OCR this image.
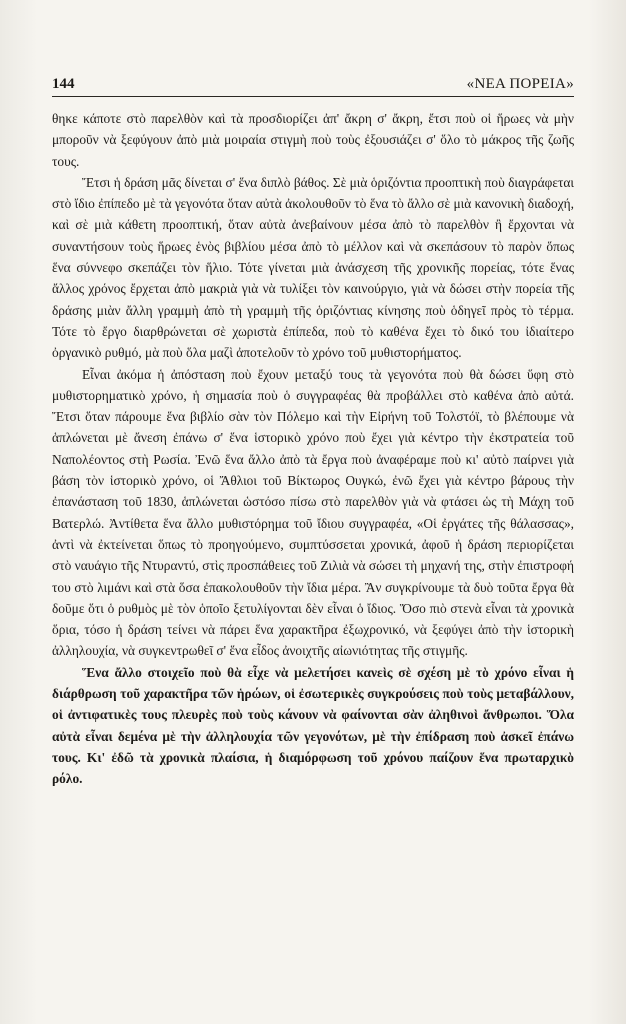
144	«ΝΕΑ ΠΟΡΕΙΑ»

θηκε κάποτε στὸ παρελθὸν καὶ τὰ προσδιορίζει ἀπ' ἄκρη σ' ἄκρη, ἔτσι ποὺ οἱ ἥρωες νὰ μὴν μποροῦν νὰ ξεφύγουν ἀπὸ μιὰ μοιραία στιγμὴ ποὺ τοὺς ἐξουσιάζει σ' ὅλο τὸ μάκρος τῆς ζωῆς τους.

Ἔτσι ἡ δράση μᾶς δίνεται σ' ἕνα διπλὸ βάθος. Σὲ μιὰ ὁριζόντια προοπτικὴ ποὺ διαγράφεται στὸ ἴδιο ἐπίπεδο μὲ τὰ γεγονότα ὅταν αὐτὰ ἀκολουθοῦν τὸ ἕνα τὸ ἄλλο σὲ μιὰ κανονικὴ διαδοχή, καὶ σὲ μιὰ κάθετη προοπτική, ὅταν αὐτὰ ἀνεβαίνουν μέσα ἀπὸ τὸ παρελθὸν ἢ ἔρχονται νὰ συναντήσουν τοὺς ἥρωες ἑνὸς βιβλίου μέσα ἀπὸ τὸ μέλλον καὶ νὰ σκεπάσουν τὸ παρὸν ὅπως ἕνα σύννεφο σκεπάζει τὸν ἥλιο. Τότε γίνεται μιὰ ἀνάσχεση τῆς χρονικῆς πορείας, τότε ἕνας ἄλλος χρόνος ἔρχεται ἀπὸ μακριὰ γιὰ νὰ τυλίξει τὸν καινούργιο, γιὰ νὰ δώσει στὴν πορεία τῆς δράσης μιὰν ἄλλη γραμμὴ ἀπὸ τὴ γραμμὴ τῆς ὁριζόντιας κίνησης ποὺ ὁδηγεῖ πρὸς τὸ τέρμα. Τότε τὸ ἔργο διαρθρώνεται σὲ χωριστὰ ἐπίπεδα, ποὺ τὸ καθένα ἔχει τὸ δικό του ἰδιαίτερο ὀργανικὸ ρυθμό, μὰ ποὺ ὅλα μαζὶ ἀποτελοῦν τὸ χρόνο τοῦ μυθιστορήματος.

Εἶναι ἀκόμα ἡ ἀπόσταση ποὺ ἔχουν μεταξύ τους τὰ γεγονότα ποὺ θὰ δώσει ὕφη στὸ μυθιστορηματικὸ χρόνο, ἡ σημασία ποὺ ὁ συγγραφέας θὰ προβάλλει στὸ καθένα ἀπὸ αὐτά. Ἔτσι ὅταν πάρουμε ἕνα βιβλίο σὰν τὸν Πόλεμο καὶ τὴν Εἰρήνη τοῦ Τολστόϊ, τὸ βλέπουμε νὰ ἁπλώνεται μὲ ἄνεση ἐπάνω σ' ἕνα ἱστορικὸ χρόνο ποὺ ἔχει γιὰ κέντρο τὴν ἐκστρατεία τοῦ Ναπολέοντος στὴ Ρωσία. Ἐνῶ ἕνα ἄλλο ἀπὸ τὰ ἔργα ποὺ ἀναφέραμε ποὺ κι' αὐτὸ παίρνει γιὰ βάση τὸν ἱστορικὸ χρόνο, οἱ Ἄθλιοι τοῦ Βίκτωρος Ουγκώ, ἐνῶ ἔχει γιὰ κέντρο βάρους τὴν ἐπανάσταση τοῦ 1830, ἁπλώνεται ὡστόσο πίσω στὸ παρελθὸν γιὰ νὰ φτάσει ὡς τὴ Μάχη τοῦ Βατερλώ. Ἀντίθετα ἕνα ἄλλο μυθιστόρημα τοῦ ἴδιου συγγραφέα, «Οἱ ἐργάτες τῆς θάλασσας», ἀντὶ νὰ ἐκτείνεται ὅπως τὸ προηγούμενο, συμπτύσσεται χρονικά, ἀφοῦ ἡ δράση περιορίζεται στὸ ναυάγιο τῆς Ντυραντύ, στὶς προσπάθειες τοῦ Ζιλιὰ νὰ σώσει τὴ μηχανή της, στὴν ἐπιστροφή του στὸ λιμάνι καὶ στὰ ὅσα ἐπακολουθοῦν τὴν ἴδια μέρα. Ἂν συγκρίνουμε τὰ δυὸ τοῦτα ἔργα θὰ δοῦμε ὅτι ὁ ρυθμὸς μὲ τὸν ὁποῖο ξετυλίγονται δὲν εἶναι ὁ ἴδιος. Ὅσο πιὸ στενὰ εἶναι τὰ χρονικὰ ὅρια, τόσο ἡ δράση τείνει νὰ πάρει ἕνα χαρακτῆρα ἐξωχρονικό, νὰ ξεφύγει ἀπὸ τὴν ἱστορικὴ ἀλληλουχία, νὰ συγκεντρωθεῖ σ' ἕνα εἶδος ἀνοιχτῆς αἰωνιότητας τῆς στιγμῆς.

Ἕνα ἄλλο στοιχεῖο ποὺ θὰ εἶχε νὰ μελετήσει κανεὶς σὲ σχέση μὲ τὸ χρόνο εἶναι ἡ διάρθρωση τοῦ χαρακτῆρα τῶν ἡρώων, οἱ ἐσωτερικὲς συγκρούσεις ποὺ τοὺς μεταβάλλουν, οἱ ἀντιφατικὲς τους πλευρὲς ποὺ τοὺς κάνουν νὰ φαίνονται σὰν ἀληθινοὶ ἄνθρωποι. Ὅλα αὐτὰ εἶναι δεμένα μὲ τὴν ἀλληλουχία τῶν γεγονότων, μὲ τὴν ἐπίδραση ποὺ ἀσκεῖ ἐπάνω τους. Κι' ἐδῶ τὰ χρονικὰ πλαίσια, ἡ διαμόρφωση τοῦ χρόνου παίζουν ἕνα πρωταρχικὸ ρόλο.
